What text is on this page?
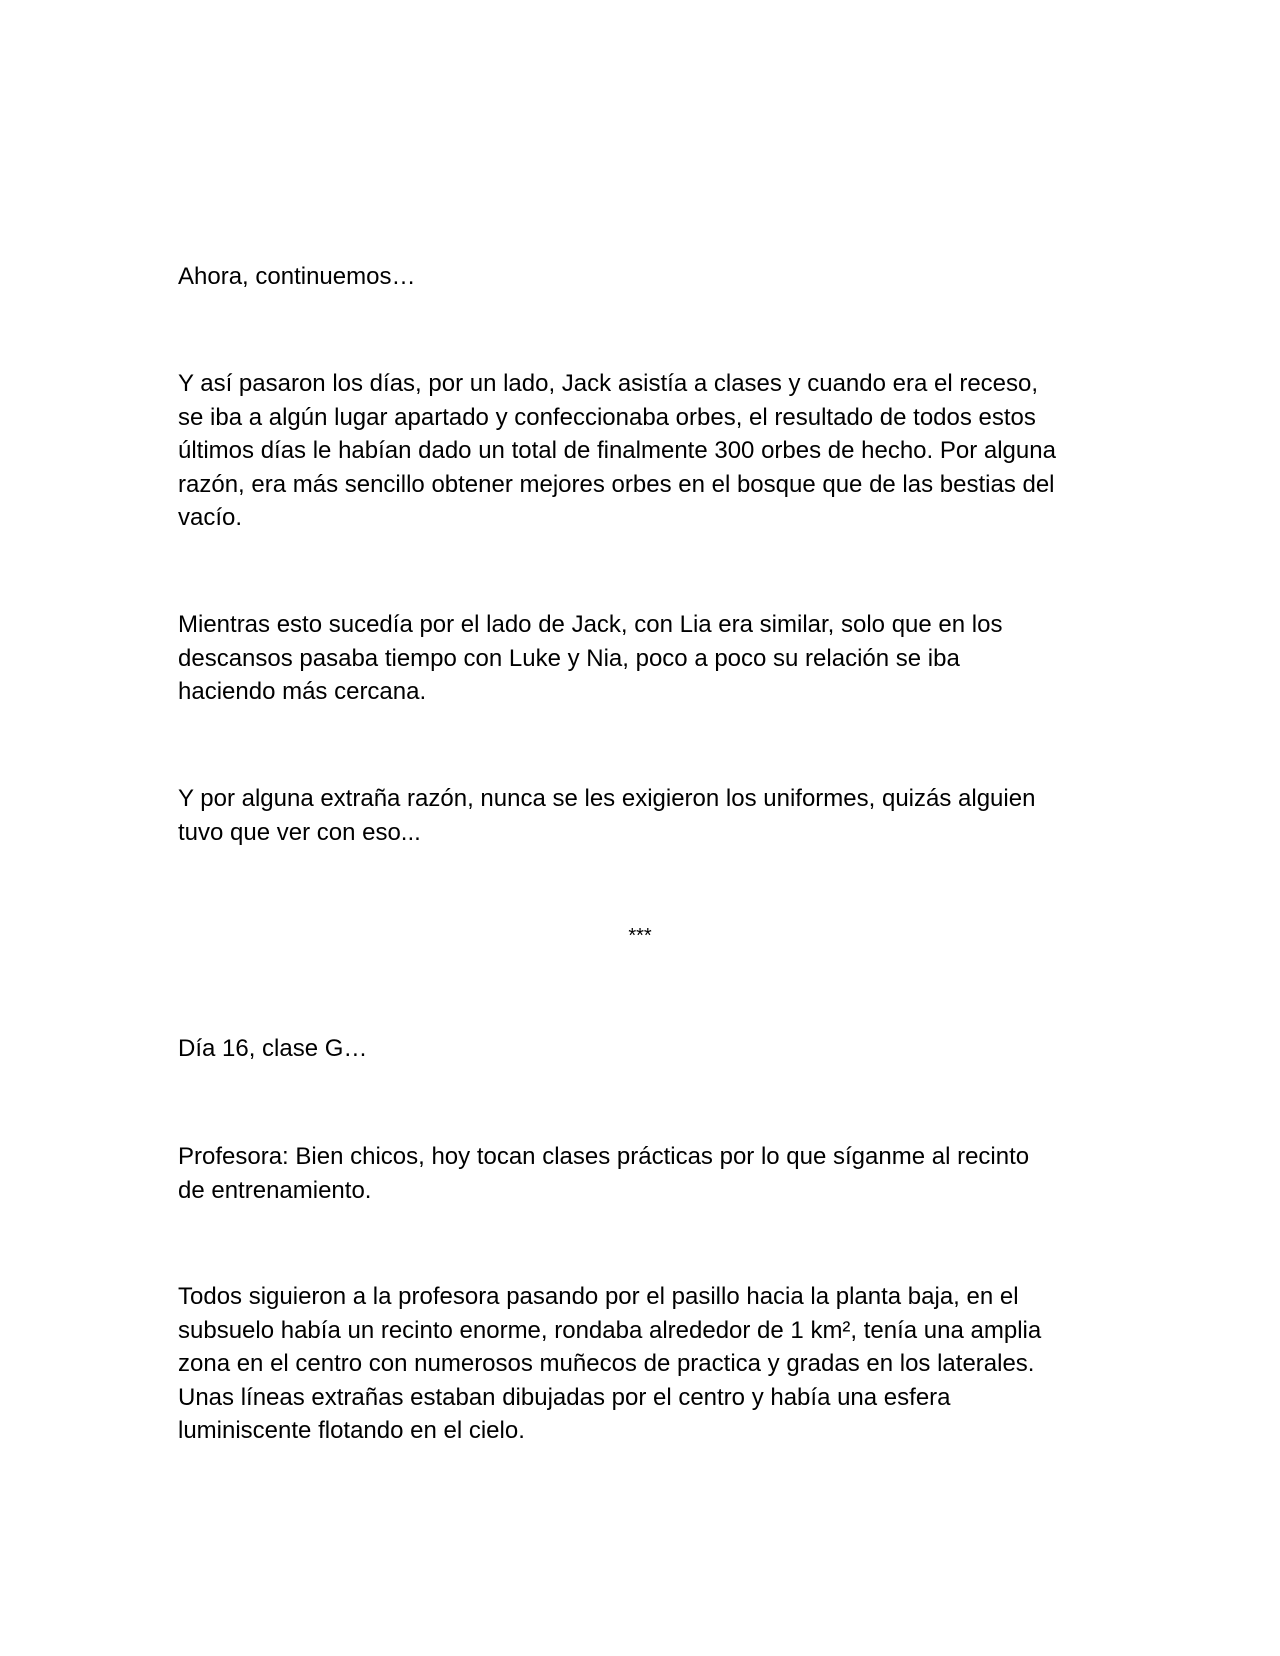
Ahora, continuemos…

Y así pasaron los días, por un lado, Jack asistía a clases y cuando era el receso,
se iba a algún lugar apartado y confeccionaba orbes, el resultado de todos estos
últimos días le habían dado un total de finalmente 300 orbes de hecho. Por alguna
razón, era más sencillo obtener mejores orbes en el bosque que de las bestias del
vacío.

Mientras esto sucedía por el lado de Jack, con Lia era similar, solo que en los
descansos pasaba tiempo con Luke y Nia, poco a poco su relación se iba
haciendo más cercana.

Y por alguna extraña razón, nunca se les exigieron los uniformes, quizás alguien
tuvo que ver con eso...

***

Día 16, clase G…

Profesora: Bien chicos, hoy tocan clases prácticas por lo que síganme al recinto
de entrenamiento.

Todos siguieron a la profesora pasando por el pasillo hacia la planta baja, en el
subsuelo había un recinto enorme, rondaba alrededor de 1 km², tenía una amplia
zona en el centro con numerosos muñecos de practica y gradas en los laterales.
Unas líneas extrañas estaban dibujadas por el centro y había una esfera
luminiscente flotando en el cielo.
